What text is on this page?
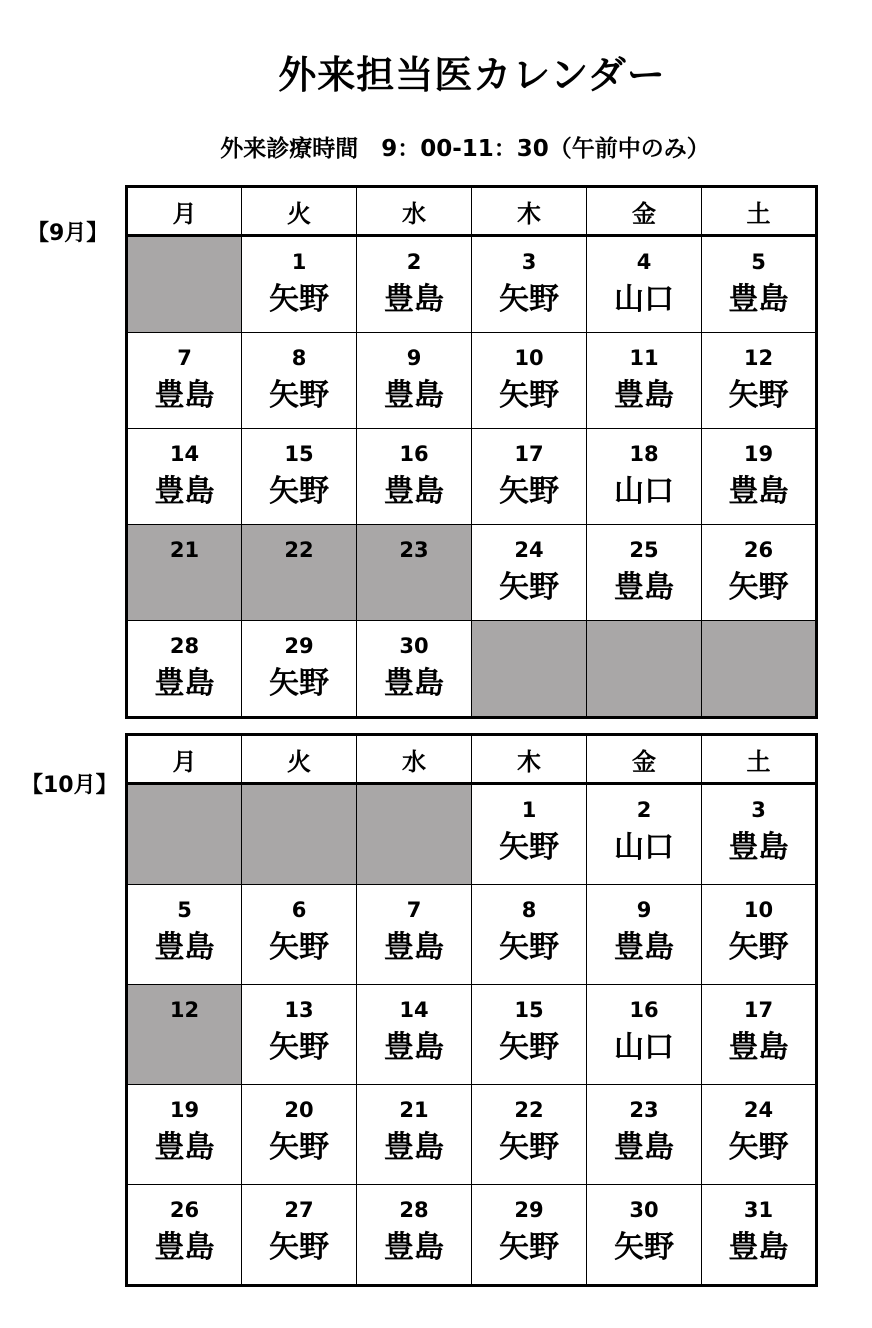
外来担当医カレンダー
外来診療時間　9：00-11：30（午前中のみ）
【9月】
月	火	水	木	金	土

	1
矢野	2
豊島	3
矢野	4
山口	5
豊島

7
豊島	8
矢野	9
豊島	10
矢野	11
豊島	12
矢野

14
豊島	15
矢野	16
豊島	17
矢野	18
山口	19
豊島

21	22	23	24
矢野	25
豊島	26
矢野

28
豊島	29
矢野	30
豊島			

【10月】
月	火	水	木	金	土

			1
矢野	2
山口	3
豊島

5
豊島	6
矢野	7
豊島	8
矢野	9
豊島	10
矢野

12	13
矢野	14
豊島	15
矢野	16
山口	17
豊島

19
豊島	20
矢野	21
豊島	22
矢野	23
豊島	24
矢野

26
豊島	27
矢野	28
豊島	29
矢野	30
矢野	31
豊島
